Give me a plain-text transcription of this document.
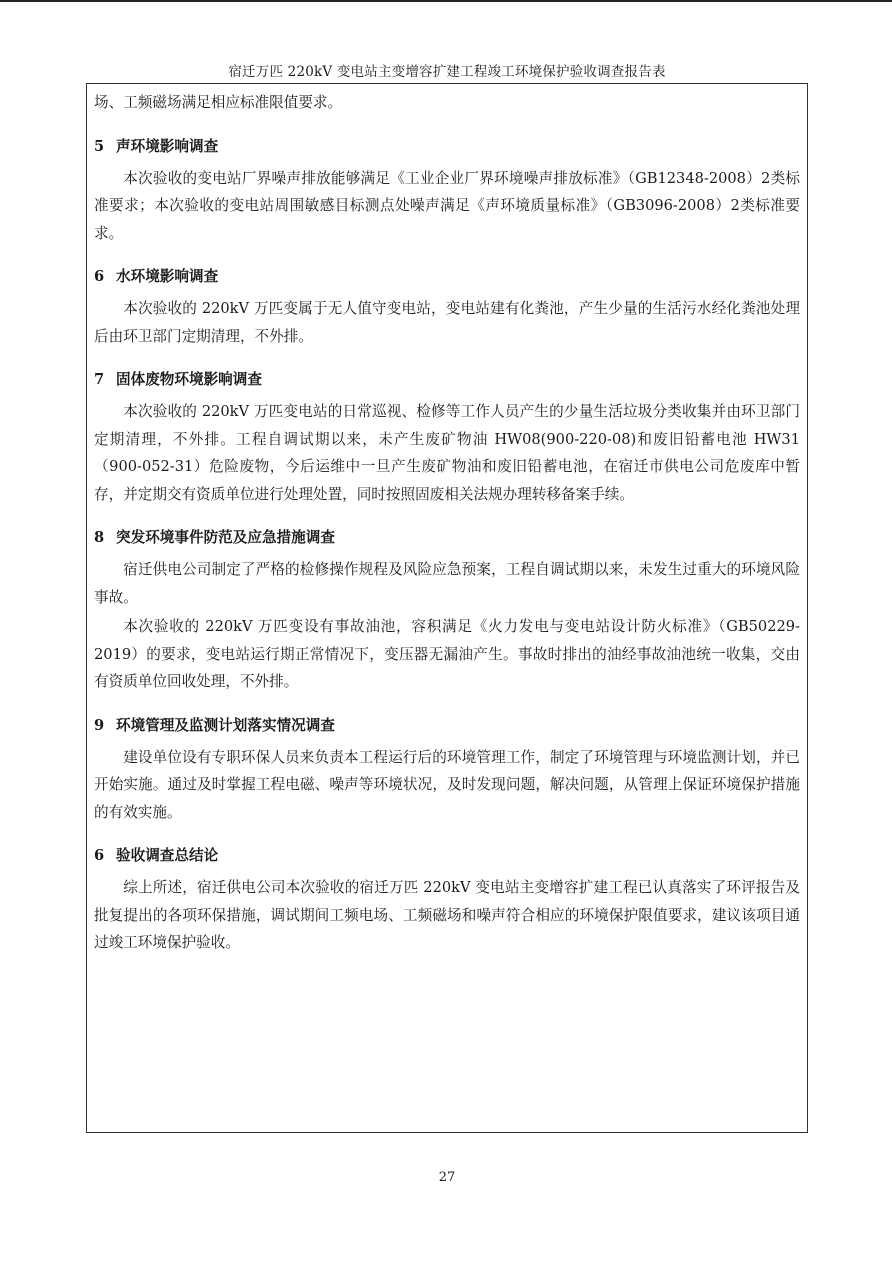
宿迁万匹 220kV 变电站主变增容扩建工程竣工环境保护验收调查报告表

场、工频磁场满足相应标准限值要求。

5 声环境影响调查

本次验收的变电站厂界噪声排放能够满足《工业企业厂界环境噪声排放标准》（GB12348-2008）2类标准要求；本次验收的变电站周围敏感目标测点处噪声满足《声环境质量标准》（GB3096-2008）2类标准要求。

6 水环境影响调查

本次验收的 220kV 万匹变属于无人值守变电站，变电站建有化粪池，产生少量的生活污水经化粪池处理后由环卫部门定期清理，不外排。

7 固体废物环境影响调查

本次验收的 220kV 万匹变电站的日常巡视、检修等工作人员产生的少量生活垃圾分类收集并由环卫部门定期清理，不外排。工程自调试期以来，未产生废矿物油 HW08(900-220-08)和废旧铅蓄电池 HW31（900-052-31）危险废物，今后运维中一旦产生废矿物油和废旧铅蓄电池，在宿迁市供电公司危废库中暂存，并定期交有资质单位进行处理处置，同时按照固废相关法规办理转移备案手续。

8 突发环境事件防范及应急措施调查

宿迁供电公司制定了严格的检修操作规程及风险应急预案，工程自调试期以来，未发生过重大的环境风险事故。

本次验收的 220kV 万匹变设有事故油池，容积满足《火力发电与变电站设计防火标准》（GB50229-2019）的要求，变电站运行期正常情况下，变压器无漏油产生。事故时排出的油经事故油池统一收集，交由有资质单位回收处理，不外排。

9 环境管理及监测计划落实情况调查

建设单位设有专职环保人员来负责本工程运行后的环境管理工作，制定了环境管理与环境监测计划，并已开始实施。通过及时掌握工程电磁、噪声等环境状况，及时发现问题，解决问题，从管理上保证环境保护措施的有效实施。

6 验收调查总结论

综上所述，宿迁供电公司本次验收的宿迁万匹 220kV 变电站主变增容扩建工程已认真落实了环评报告及批复提出的各项环保措施，调试期间工频电场、工频磁场和噪声符合相应的环境保护限值要求，建议该项目通过竣工环境保护验收。

27
